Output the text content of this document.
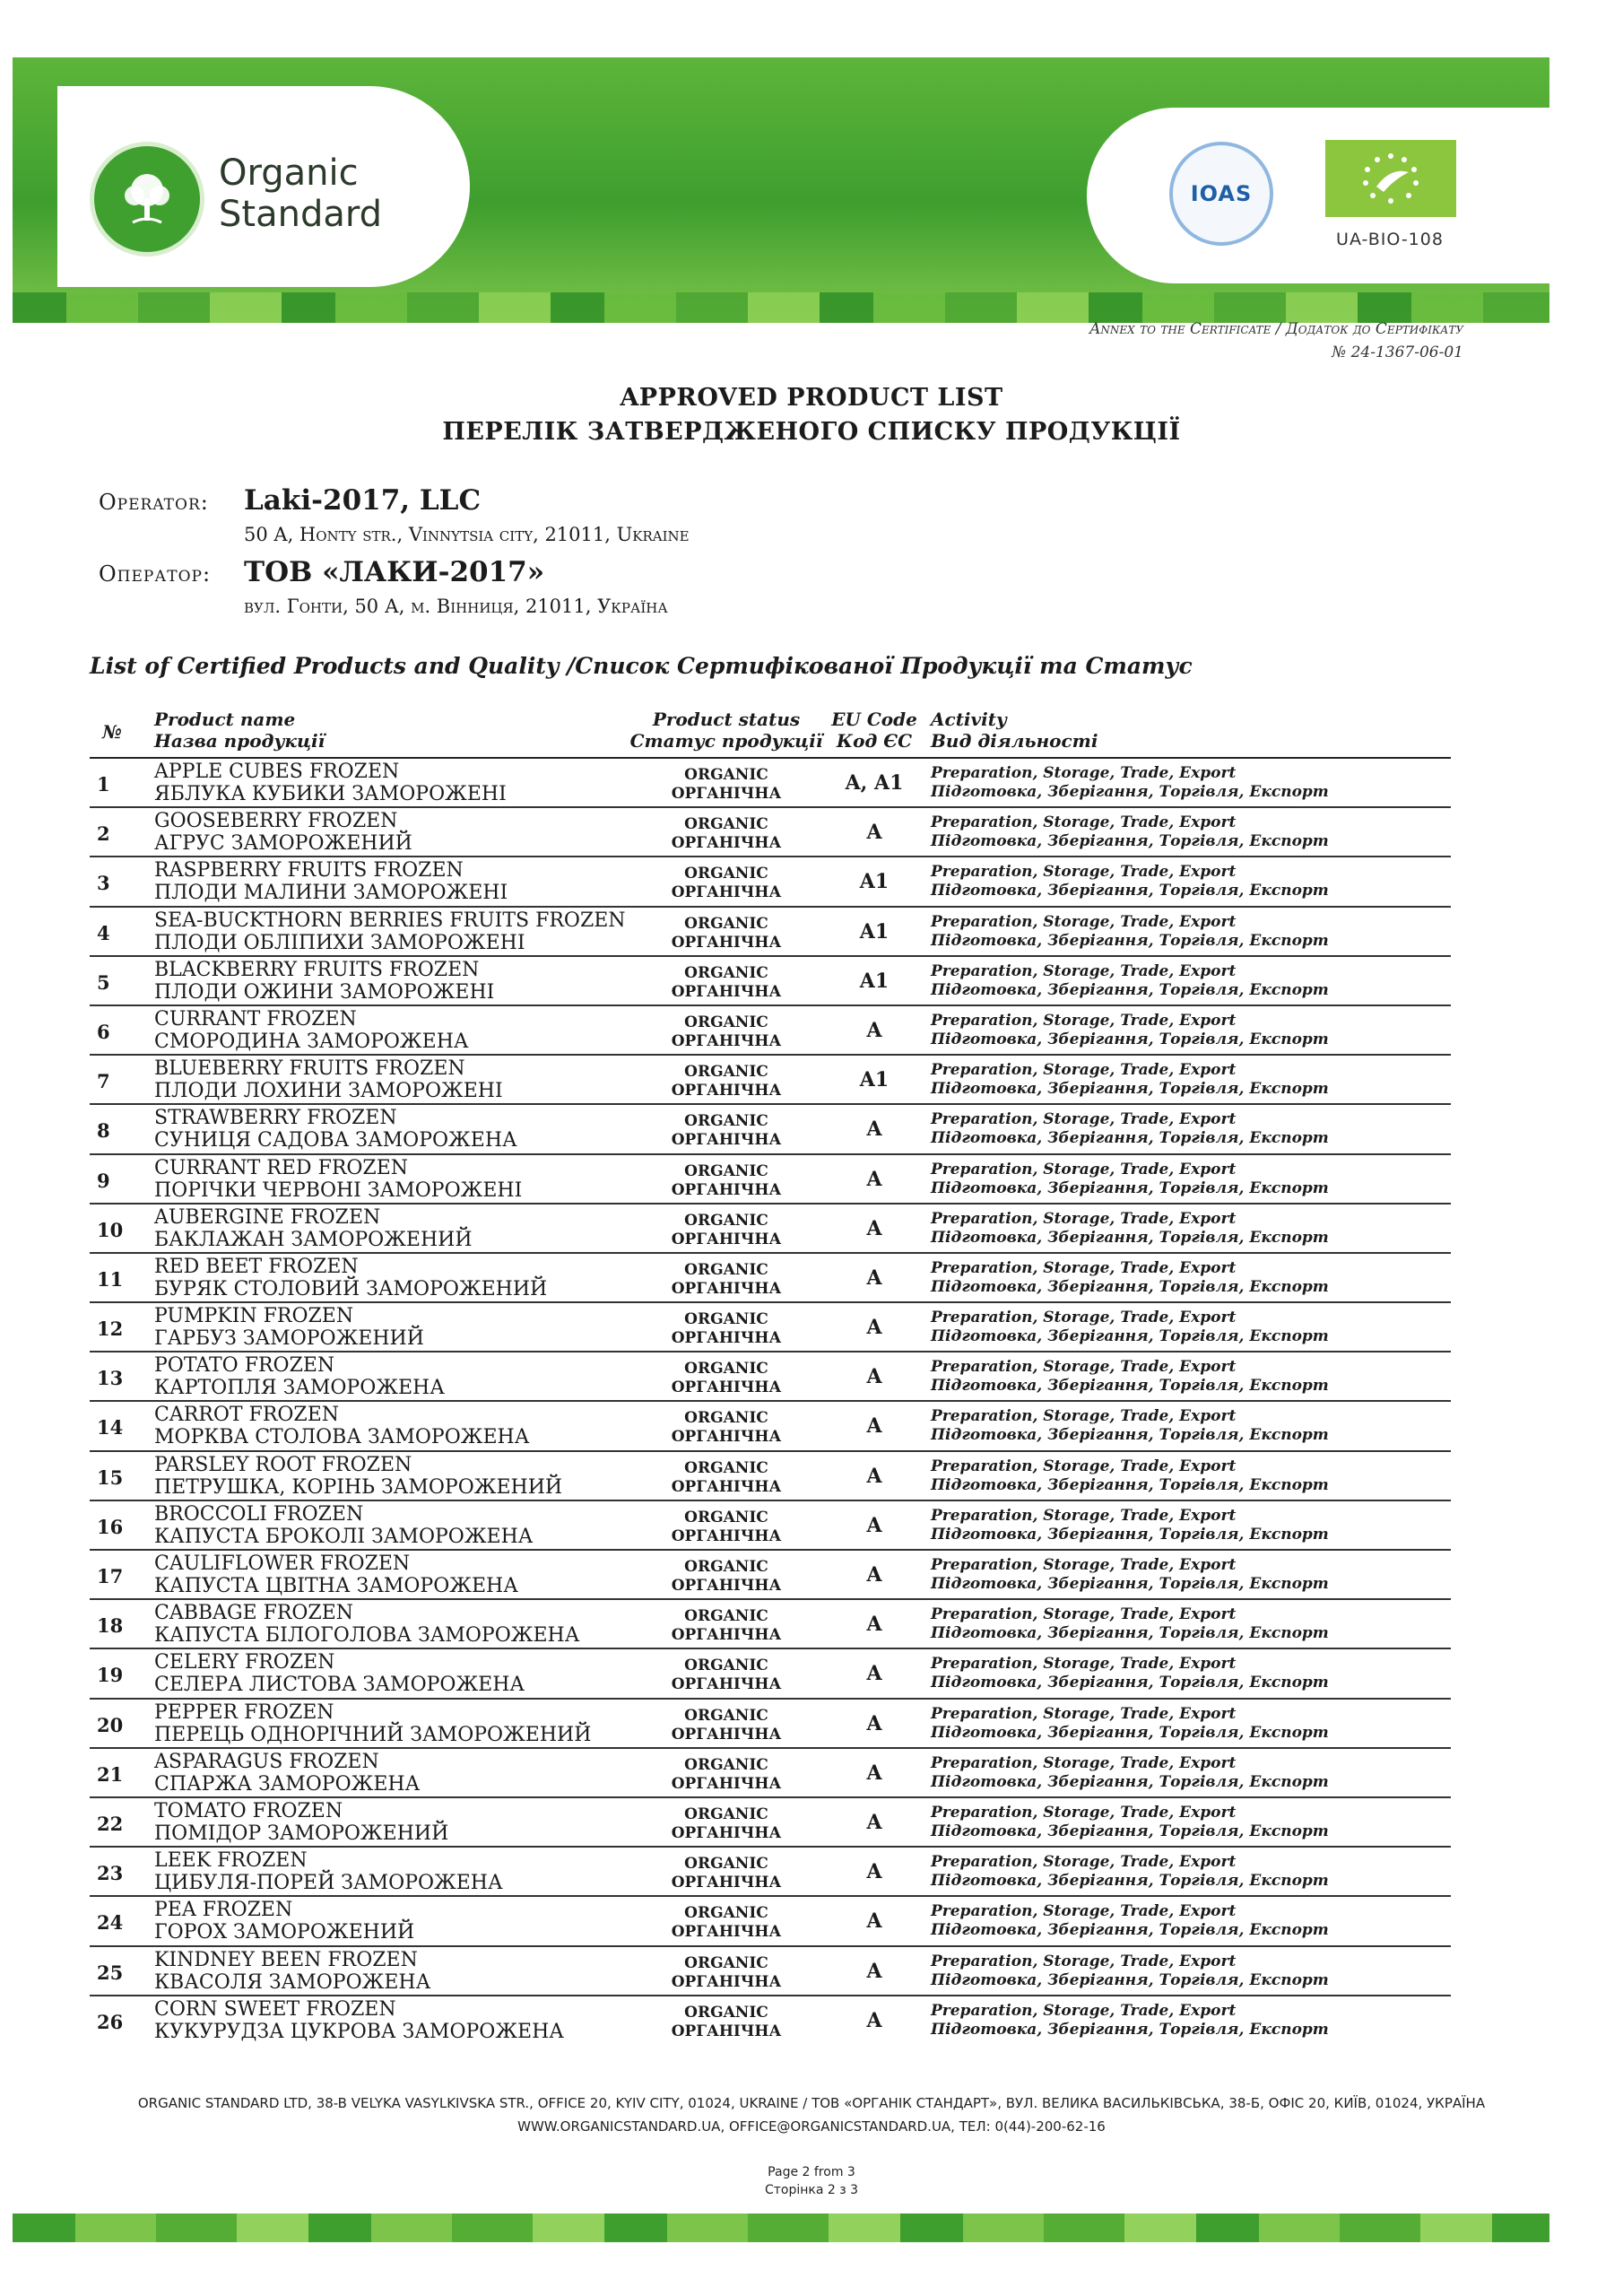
Organic
Standard	IOAS
UA-BIO-108
Annex to the Certificate / Додаток до Сертифікату
№ 24-1367-06-01
APPROVED PRODUCT LIST
ПЕРЕЛІК ЗАТВЕРДЖЕНОГО СПИСКУ ПРОДУКЦІЇ
Operator: Laki-2017, LLC
50 A, Honty str., Vinnytsia city, 21011, Ukraine
Оператор: ТОВ «ЛАКИ-2017»
вул. Гонти, 50 А, м. Вінниця, 21011, Україна
List of Certified Products and Quality /Список Сертифікованої Продукції та Статус
№
Product name
Назва продукції
Product status
Статус продукції
EU Code
Код ЄС
Activity
Вид діяльності
1
APPLE CUBES FROZEN
ЯБЛУКА КУБИКИ ЗАМОРОЖЕНІ
ORGANIC
ОРГАНІЧНА	A, A1	Preparation, Storage, Trade, Export
Підготовка, Зберігання, Торгівля, Експорт
2
GOOSEBERRY FROZEN
АГРУС ЗАМОРОЖЕНИЙ
ORGANIC
ОРГАНІЧНА	A	Preparation, Storage, Trade, Export
Підготовка, Зберігання, Торгівля, Експорт
3
RASPBERRY FRUITS FROZEN
ПЛОДИ МАЛИНИ ЗАМОРОЖЕНІ
ORGANIC
ОРГАНІЧНА	A1	Preparation, Storage, Trade, Export
Підготовка, Зберігання, Торгівля, Експорт
4
SEA-BUCKTHORN BERRIES FRUITS FROZEN
ПЛОДИ ОБЛІПИХИ ЗАМОРОЖЕНІ
ORGANIC
ОРГАНІЧНА	A1	Preparation, Storage, Trade, Export
Підготовка, Зберігання, Торгівля, Експорт
5
BLACKBERRY FRUITS FROZEN
ПЛОДИ ОЖИНИ ЗАМОРОЖЕНІ
ORGANIC
ОРГАНІЧНА	A1	Preparation, Storage, Trade, Export
Підготовка, Зберігання, Торгівля, Експорт
6
CURRANT FROZEN
СМОРОДИНА ЗАМОРОЖЕНА
ORGANIC
ОРГАНІЧНА	A	Preparation, Storage, Trade, Export
Підготовка, Зберігання, Торгівля, Експорт
7
BLUEBERRY FRUITS FROZEN
ПЛОДИ ЛОХИНИ ЗАМОРОЖЕНІ
ORGANIC
ОРГАНІЧНА	A1	Preparation, Storage, Trade, Export
Підготовка, Зберігання, Торгівля, Експорт
8
STRAWBERRY FROZEN
СУНИЦЯ САДОВА ЗАМОРОЖЕНА
ORGANIC
ОРГАНІЧНА	A	Preparation, Storage, Trade, Export
Підготовка, Зберігання, Торгівля, Експорт
9
CURRANT RED FROZEN
ПОРІЧКИ ЧЕРВОНІ ЗАМОРОЖЕНІ
ORGANIC
ОРГАНІЧНА	A	Preparation, Storage, Trade, Export
Підготовка, Зберігання, Торгівля, Експорт
10
AUBERGINE FROZEN
БАКЛАЖАН ЗАМОРОЖЕНИЙ
ORGANIC
ОРГАНІЧНА	A	Preparation, Storage, Trade, Export
Підготовка, Зберігання, Торгівля, Експорт
11
RED BEET FROZEN
БУРЯК СТОЛОВИЙ ЗАМОРОЖЕНИЙ
ORGANIC
ОРГАНІЧНА	A	Preparation, Storage, Trade, Export
Підготовка, Зберігання, Торгівля, Експорт
12
PUMPKIN FROZEN
ГАРБУЗ ЗАМОРОЖЕНИЙ
ORGANIC
ОРГАНІЧНА	A	Preparation, Storage, Trade, Export
Підготовка, Зберігання, Торгівля, Експорт
13
POTATO FROZEN
КАРТОПЛЯ ЗАМОРОЖЕНА
ORGANIC
ОРГАНІЧНА	A	Preparation, Storage, Trade, Export
Підготовка, Зберігання, Торгівля, Експорт
14
CARROT FROZEN
МОРКВА СТОЛОВА ЗАМОРОЖЕНА
ORGANIC
ОРГАНІЧНА	A	Preparation, Storage, Trade, Export
Підготовка, Зберігання, Торгівля, Експорт
15
PARSLEY ROOT FROZEN
ПЕТРУШКА, КОРІНЬ ЗАМОРОЖЕНИЙ
ORGANIC
ОРГАНІЧНА	A	Preparation, Storage, Trade, Export
Підготовка, Зберігання, Торгівля, Експорт
16
BROCCOLI FROZEN
КАПУСТА БРОКОЛІ ЗАМОРОЖЕНА
ORGANIC
ОРГАНІЧНА	A	Preparation, Storage, Trade, Export
Підготовка, Зберігання, Торгівля, Експорт
17
CAULIFLOWER FROZEN
КАПУСТА ЦВІТНА ЗАМОРОЖЕНА
ORGANIC
ОРГАНІЧНА	A	Preparation, Storage, Trade, Export
Підготовка, Зберігання, Торгівля, Експорт
18
CABBAGE FROZEN
КАПУСТА БІЛОГОЛОВА ЗАМОРОЖЕНА
ORGANIC
ОРГАНІЧНА	A	Preparation, Storage, Trade, Export
Підготовка, Зберігання, Торгівля, Експорт
19
CELERY FROZEN
СЕЛЕРА ЛИСТОВА ЗАМОРОЖЕНА
ORGANIC
ОРГАНІЧНА	A	Preparation, Storage, Trade, Export
Підготовка, Зберігання, Торгівля, Експорт
20
PEPPER FROZEN
ПЕРЕЦЬ ОДНОРІЧНИЙ ЗАМОРОЖЕНИЙ
ORGANIC
ОРГАНІЧНА	A	Preparation, Storage, Trade, Export
Підготовка, Зберігання, Торгівля, Експорт
21
ASPARAGUS FROZEN
СПАРЖА ЗАМОРОЖЕНА
ORGANIC
ОРГАНІЧНА	A	Preparation, Storage, Trade, Export
Підготовка, Зберігання, Торгівля, Експорт
22
TOMATO FROZEN
ПОМІДОР ЗАМОРОЖЕНИЙ
ORGANIC
ОРГАНІЧНА	A	Preparation, Storage, Trade, Export
Підготовка, Зберігання, Торгівля, Експорт
23
LEEK FROZEN
ЦИБУЛЯ-ПОРЕЙ ЗАМОРОЖЕНА
ORGANIC
ОРГАНІЧНА	A	Preparation, Storage, Trade, Export
Підготовка, Зберігання, Торгівля, Експорт
24
PEA FROZEN
ГОРОХ ЗАМОРОЖЕНИЙ
ORGANIC
ОРГАНІЧНА	A	Preparation, Storage, Trade, Export
Підготовка, Зберігання, Торгівля, Експорт
25
KINDNEY BEEN FROZEN
КВАСОЛЯ ЗАМОРОЖЕНА
ORGANIC
ОРГАНІЧНА	A	Preparation, Storage, Trade, Export
Підготовка, Зберігання, Торгівля, Експорт
26
CORN SWEET FROZEN
КУКУРУДЗА ЦУКРОВА ЗАМОРОЖЕНА
ORGANIC
ОРГАНІЧНА	A	Preparation, Storage, Trade, Export
Підготовка, Зберігання, Торгівля, Експорт
ORGANIC STANDARD LTD, 38-B VELYKA VASYLKIVSKA STR., OFFICE 20, KYIV CITY, 01024, UKRAINE / ТОВ «ОРГАНІК СТАНДАРТ», ВУЛ. ВЕЛИКА ВАСИЛЬКІВСЬКА, 38-Б, ОФІС 20, КИЇВ, 01024, УКРАЇНА
WWW.ORGANICSTANDARD.UA, OFFICE@ORGANICSTANDARD.UA, ТЕЛ: 0(44)-200-62-16
Page 2 from 3
Сторінка 2 з 3
